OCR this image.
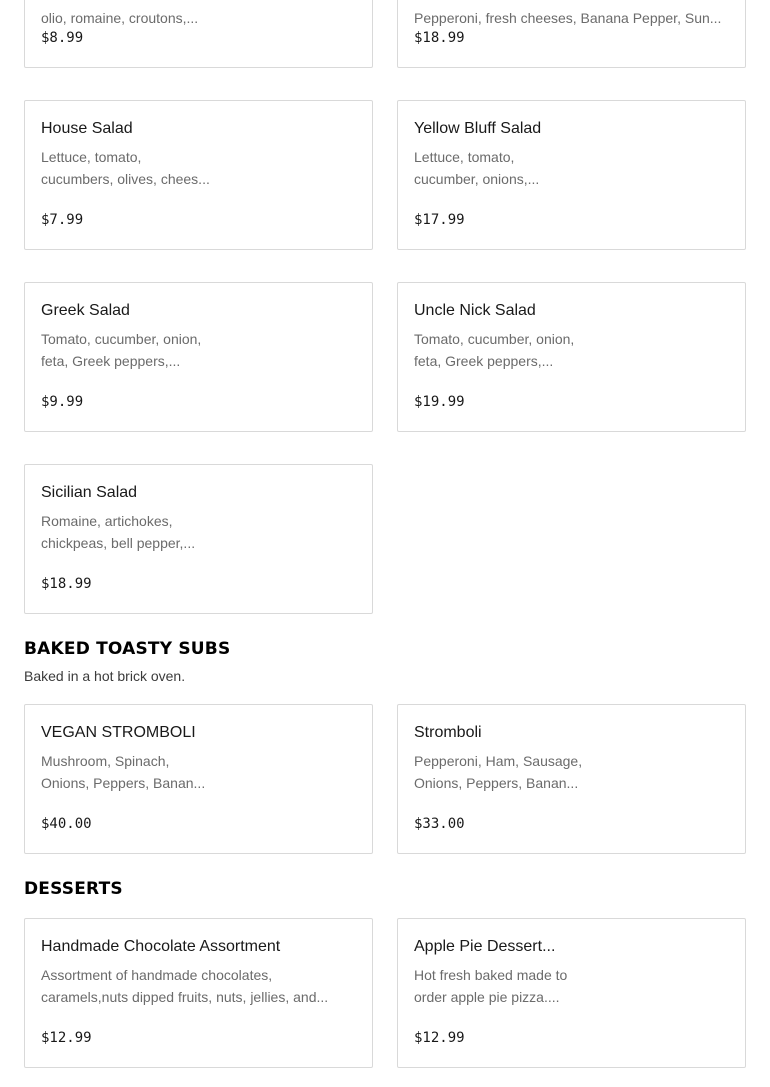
olio, romaine, croutons,...
$8.99
Pepperoni, fresh cheeses, Banana Pepper, Sun...
$18.99
House Salad
Lettuce, tomato,
cucumbers, olives, chees...
$7.99
Yellow Bluff Salad
Lettuce, tomato,
cucumber, onions,...
$17.99
Greek Salad
Tomato, cucumber, onion,
feta, Greek peppers,...
$9.99
Uncle Nick Salad
Tomato, cucumber, onion,
feta, Greek peppers,...
$19.99
Sicilian Salad
Romaine, artichokes,
chickpeas, bell pepper,...
$18.99
BAKED TOASTY SUBS
Baked in a hot brick oven.
VEGAN STROMBOLI
Mushroom, Spinach,
Onions, Peppers, Banan...
$40.00
Stromboli
Pepperoni, Ham, Sausage,
Onions, Peppers, Banan...
$33.00
DESSERTS
Handmade Chocolate Assortment
Assortment of handmade chocolates,
caramels,nuts dipped fruits, nuts, jellies, and...
$12.99
Apple Pie Dessert...
Hot fresh baked made to
order apple pie pizza....
$12.99
